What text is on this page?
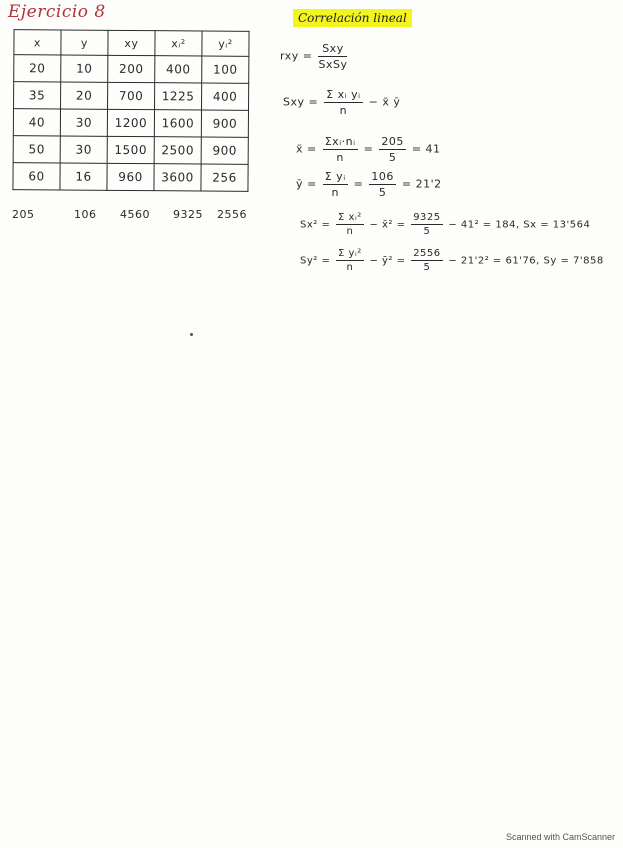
Ejercicio 8	Correlación lineal
x	y	xy	xᵢ²	yᵢ²
20	10	200	400	100
35	20	700	1225	400
40	30	1200	1600	900
50	30	1500	2500	900
60	16	960	3600	256
205	106 4560 9325 2556
rxy = $\frac{\text{Sxy}}{\text{SxSy}}$
Sxy = $\frac{\text{Σ xᵢ yᵢ}}{n}$ − x̄ ȳ
x̄ = $\frac{\text{Σxᵢ·nᵢ}}{n} = \frac{205}{5} = 41$
ȳ = $\frac{\text{Σ yᵢ}}{n} = \frac{106}{5} = 21'2$
$Sx^2 = \frac{\text{Σ xᵢ²}}{n}$ − x̄² = $\frac{9325}{5} - 41^2 = 184$, Sx = 13'564
$Sy^2 = \frac{\text{Σ yᵢ²}}{n}$ − ȳ² = $\frac{2556}{5} - 21'2^2 = 61'76$, Sy = 7'858
Scanned with CamScanner
